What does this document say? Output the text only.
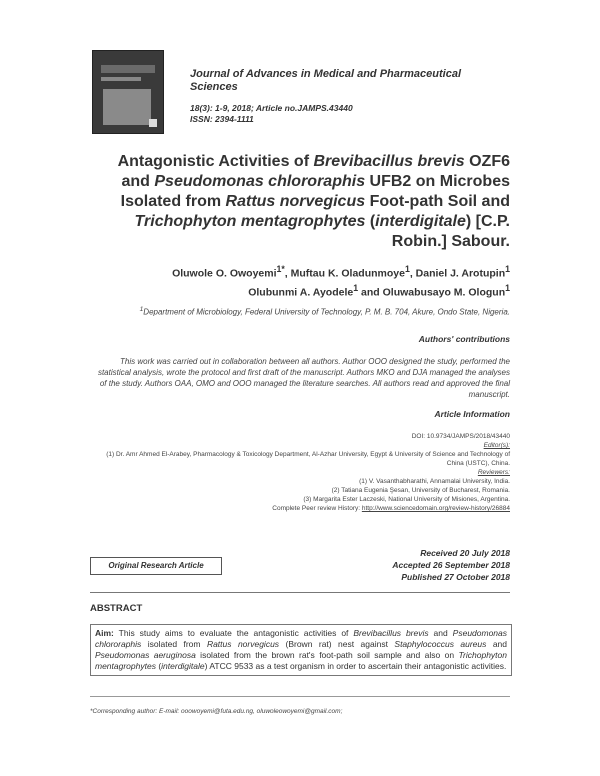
Journal of Advances in Medical and Pharmaceutical Sciences
18(3): 1-9, 2018; Article no.JAMPS.43440
ISSN: 2394-1111
Antagonistic Activities of Brevibacillus brevis OZF6 and Pseudomonas chlororaphis UFB2 on Microbes Isolated from Rattus norvegicus Foot-path Soil and
Trichophyton mentagrophytes (interdigitale) [C.P. Robin.] Sabour.
Oluwole O. Owoyemi$^{1*}$, Muftau K. Oladunmoye$^1$, Daniel J. Arotupin$^1$
Olubunmi A. Ayodele$^1$ and Oluwabusayo M. Ologun$^1$
$^1$Department of Microbiology, Federal University of Technology, P. M. B. 704, Akure, Ondo State, Nigeria.
Authors' contributions
This work was carried out in collaboration between all authors. Author OOO designed the study, performed the statistical analysis, wrote the protocol and first draft of the manuscript. Authors MKO and DJA managed the analyses of the study. Authors OAA, OMO and OOO managed the literature searches. All authors read and approved the final manuscript.
Article Information
DOI: 10.9734/JAMPS/2018/43440
Editor(s):
(1) Dr. Amr Ahmed El-Arabey, Pharmacology & Toxicology Department, Al-Azhar University, Egypt & University of Science and Technology of China (USTC), China.
Reviewers:
(1) V. Vasanthabharathi, Annamalai University, India.
(2) Tatiana Eugenia Şesan, University of Bucharest, Romania.
(3) Margarita Ester Laczeski, National University of Misiones, Argentina.
Complete Peer review History: http://www.sciencedomain.org/review-history/26884
Received 20 July 2018
Accepted 26 September 2018
Published 27 October 2018
Original Research Article
ABSTRACT
Aim: This study aims to evaluate the antagonistic activities of Brevibacillus brevis and Pseudomonas chlororaphis isolated from Rattus norvegicus (Brown rat) nest against Staphylococcus aureus and Pseudomonas aeruginosa isolated from the brown rat's foot-path soil sample and also on Trichophyton mentagrophytes (interdigitale) ATCC 9533 as a test organism in order to ascertain their antagonistic activities.
*Corresponding author: E-mail: ooowoyemi@futa.edu.ng, oluwoleowoyemi@gmail.com;
